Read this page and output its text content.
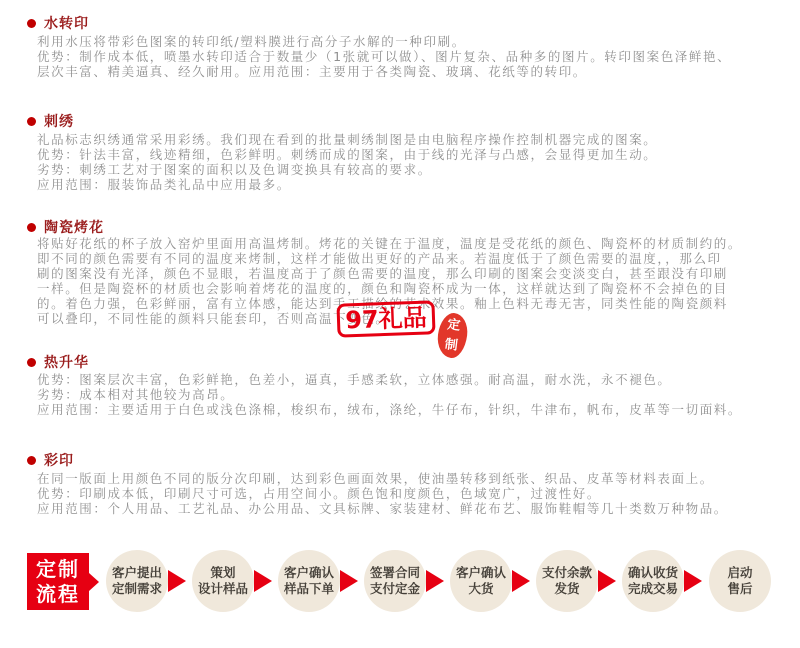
水转印
利用水压将带彩色图案的转印纸/塑料膜进行高分子水解的一种印刷。
优势：制作成本低，喷墨水转印适合于数量少（1张就可以做）、图片复杂、品种多的图片。转印图案色泽鲜艳、
层次丰富、精美逼真、经久耐用。应用范围：主要用于各类陶瓷、玻璃、花纸等的转印。
刺绣
礼品标志织绣通常采用彩绣。我们现在看到的批量刺绣制图是由电脑程序操作控制机器完成的图案。
优势：针法丰富，线迹精细，色彩鲜明。刺绣而成的图案，由于线的光泽与凸感，会显得更加生动。
劣势：刺绣工艺对于图案的面积以及色调变换具有较高的要求。
应用范围：服装饰品类礼品中应用最多。
陶瓷烤花
将贴好花纸的杯子放入窑炉里面用高温烤制。烤花的关键在于温度，温度是受花纸的颜色、陶瓷杯的材质制约的。
即不同的颜色需要有不同的温度来烤制，这样才能做出更好的产品来。若温度低于了颜色需要的温度，，那么印
刷的图案没有光泽，颜色不显眼，若温度高于了颜色需要的温度，那么印刷的图案会变淡变白，甚至跟没有印刷
一样。但是陶瓷杯的材质也会影响着烤花的温度的，颜色和陶瓷杯成为一体，这样就达到了陶瓷杯不会掉色的目
的。着色力强，色彩鲜丽，富有立体感，能达到手工描绘的艺术效果。釉上色料无毒无害，同类性能的陶瓷颜料
可以叠印，不同性能的颜料只能套印，否则高温下变色。
热升华
优势：图案层次丰富，色彩鲜艳，色差小，逼真，手感柔软，立体感强。耐高温，耐水洗，永不褪色。
劣势：成本相对其他较为高昂。
应用范围：主要适用于白色或浅色涤棉，梭织布，绒布，涤纶，牛仔布，针织，牛津布，帆布，皮革等一切面料。
彩印
在同一版面上用颜色不同的版分次印刷，达到彩色画面效果，使油墨转移到纸张、织品、皮革等材料表面上。
优势：印刷成本低，印刷尺寸可选，占用空间小。颜色饱和度颜色，色域宽广，过渡性好。
应用范围：个人用品、工艺礼品、办公用品、文具标牌、家装建材、鲜花布艺、服饰鞋帽等几十类数万种物品。
97礼品	定
制
定制
流程
客户提出
定制需求
策划
设计样品
客户确认
样品下单
签署合同
支付定金
客户确认
大货
支付余款
发货
确认收货
完成交易
启动
售后
